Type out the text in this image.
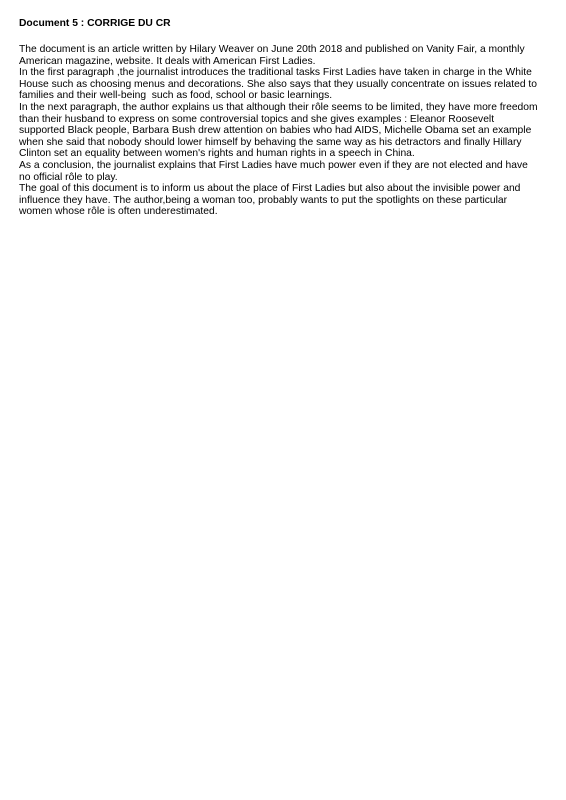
Document 5 : CORRIGE DU CR
The document is an article written by Hilary Weaver on June 20th 2018 and published on Vanity Fair, a monthly
American magazine, website. It deals with American First Ladies.
In the first paragraph ,the journalist introduces the traditional tasks First Ladies have taken in charge in the White
House such as choosing menus and decorations. She also says that they usually concentrate on issues related to
families and their well-being  such as food, school or basic learnings.
In the next paragraph, the author explains us that although their rôle seems to be limited, they have more freedom
than their husband to express on some controversial topics and she gives examples : Eleanor Roosevelt
supported Black people, Barbara Bush drew attention on babies who had AIDS, Michelle Obama set an example
when she said that nobody should lower himself by behaving the same way as his detractors and finally Hillary
Clinton set an equality between women's rights and human rights in a speech in China.
As a conclusion, the journalist explains that First Ladies have much power even if they are not elected and have
no official rôle to play.
The goal of this document is to inform us about the place of First Ladies but also about the invisible power and
influence they have. The author,being a woman too, probably wants to put the spotlights on these particular
women whose rôle is often underestimated.
